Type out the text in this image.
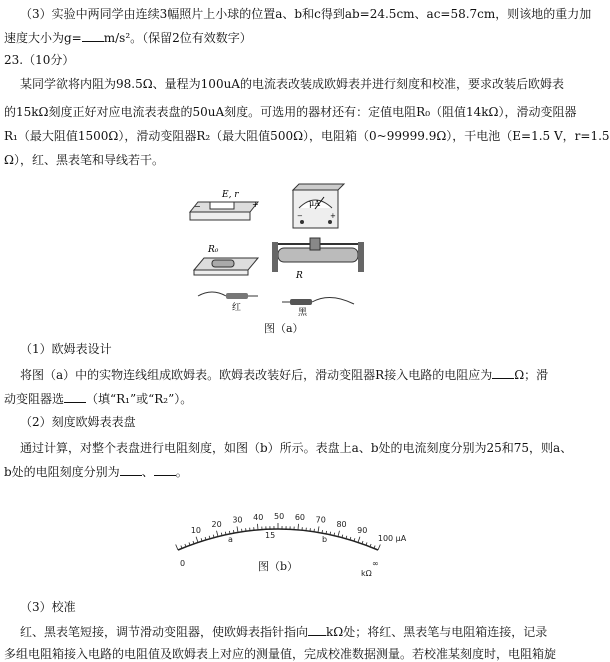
（3）实验中两同学由连续3幅照片上小球的位置a、b和c得到ab=24.5cm、ac=58.7cm，则该地的重力加
速度大小为g= m/s²。（保留2位有效数字）
23.（10分）
某同学欲将内阻为98.5Ω、量程为100uA的电流表改装成欧姆表并进行刻度和校准，要求改装后欧姆表
的15kΩ刻度正好对应电流表表盘的50uA刻度。可选用的器材还有：定值电阻R₀（阻值14kΩ），滑动变阻器
R₁（最大阻值1500Ω），滑动变阻器R₂（最大阻值500Ω），电阻箱（0~99999.9Ω），干电池（E=1.5 V，r=1.5
Ω），红、黑表笔和导线若干。
E, r
−	+	μA
−	+
R₀
R
红	黑
图（a）
（1）欧姆表设计
将图（a）中的实物连线组成欧姆表。欧姆表改装好后，滑动变阻器R接入电路的电阻应为 Ω；滑
动变阻器选 （填“R₁”或“R₂”）。
（2）刻度欧姆表表盘
通过计算，对整个表盘进行电阻刻度，如图（b）所示。表盘上a、b处的电流刻度分别为25和75，则a、
b处的电阻刻度分别为 、 。
10
20 30 40 50 60 70 80
90
100 μA
0
15
∞
a	b
kΩ
图（b）
（3）校准
红、黑表笔短接，调节滑动变阻器，使欧姆表指针指向 kΩ处；将红、黑表笔与电阻箱连接，记录
多组电阻箱接入电路的电阻值及欧姆表上对应的测量值，完成校准数据测量。若校准某刻度时，电阻箱旋
